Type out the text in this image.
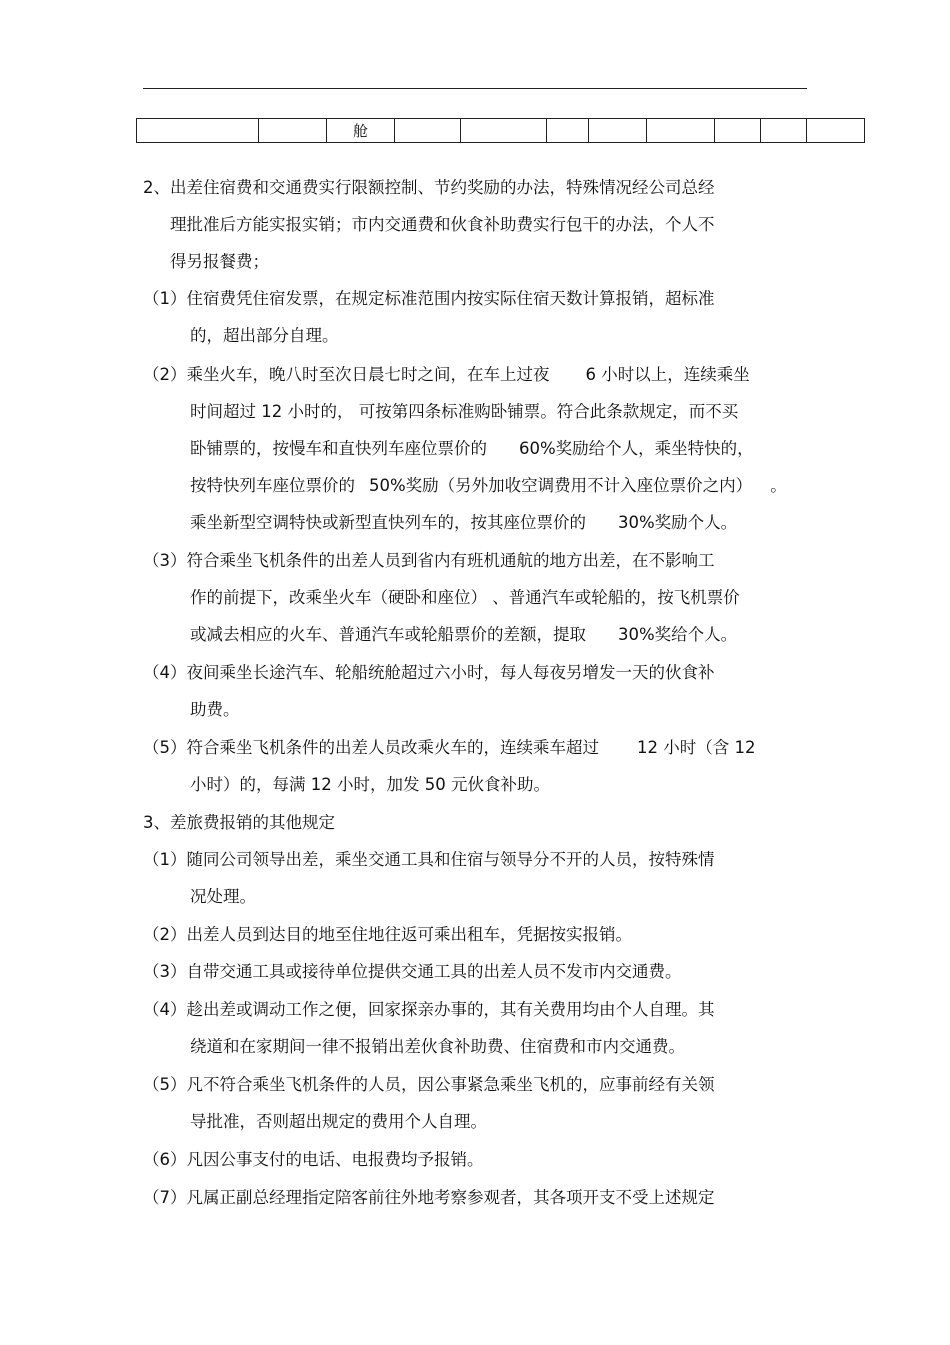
		舱								
2、出差住宿费和交通费实行限额控制、节约奖励的办法，特殊情况经公司总经
理批准后方能实报实销；市内交通费和伙食补助费实行包干的办法，个人不
得另报餐费；
（1）住宿费凭住宿发票，在规定标准范围内按实际住宿天数计算报销，超标准
的，超出部分自理。
（2）乘坐火车，晚八时至次日晨七时之间，在车上过夜 6 小时以上，连续乘坐
时间超过 12 小时的， 可按第四条标准购卧铺票。符合此条款规定，而不买
卧铺票的，按慢车和直快列车座位票价的 60%奖励给个人，乘坐特快的，
按特快列车座位票价的 50%奖励（另外加收空调费用不计入座位票价之内） 。
乘坐新型空调特快或新型直快列车的，按其座位票价的 30%奖励个人。
（3）符合乘坐飞机条件的出差人员到省内有班机通航的地方出差，在不影响工
作的前提下，改乘坐火车（硬卧和座位） 、普通汽车或轮船的，按飞机票价
或减去相应的火车、普通汽车或轮船票价的差额，提取 30%奖给个人。
（4）夜间乘坐长途汽车、轮船统舱超过六小时，每人每夜另增发一天的伙食补
助费。
（5）符合乘坐飞机条件的出差人员改乘火车的，连续乘车超过 12 小时（含 12
小时）的，每满 12 小时，加发 50 元伙食补助。
3、差旅费报销的其他规定
（1）随同公司领导出差，乘坐交通工具和住宿与领导分不开的人员，按特殊情
况处理。
（2）出差人员到达目的地至住地往返可乘出租车，凭据按实报销。
（3）自带交通工具或接待单位提供交通工具的出差人员不发市内交通费。
（4）趁出差或调动工作之便，回家探亲办事的，其有关费用均由个人自理。其
绕道和在家期间一律不报销出差伙食补助费、住宿费和市内交通费。
（5）凡不符合乘坐飞机条件的人员，因公事紧急乘坐飞机的，应事前经有关领
导批准，否则超出规定的费用个人自理。
（6）凡因公事支付的电话、电报费均予报销。
（7）凡属正副总经理指定陪客前往外地考察参观者，其各项开支不受上述规定
